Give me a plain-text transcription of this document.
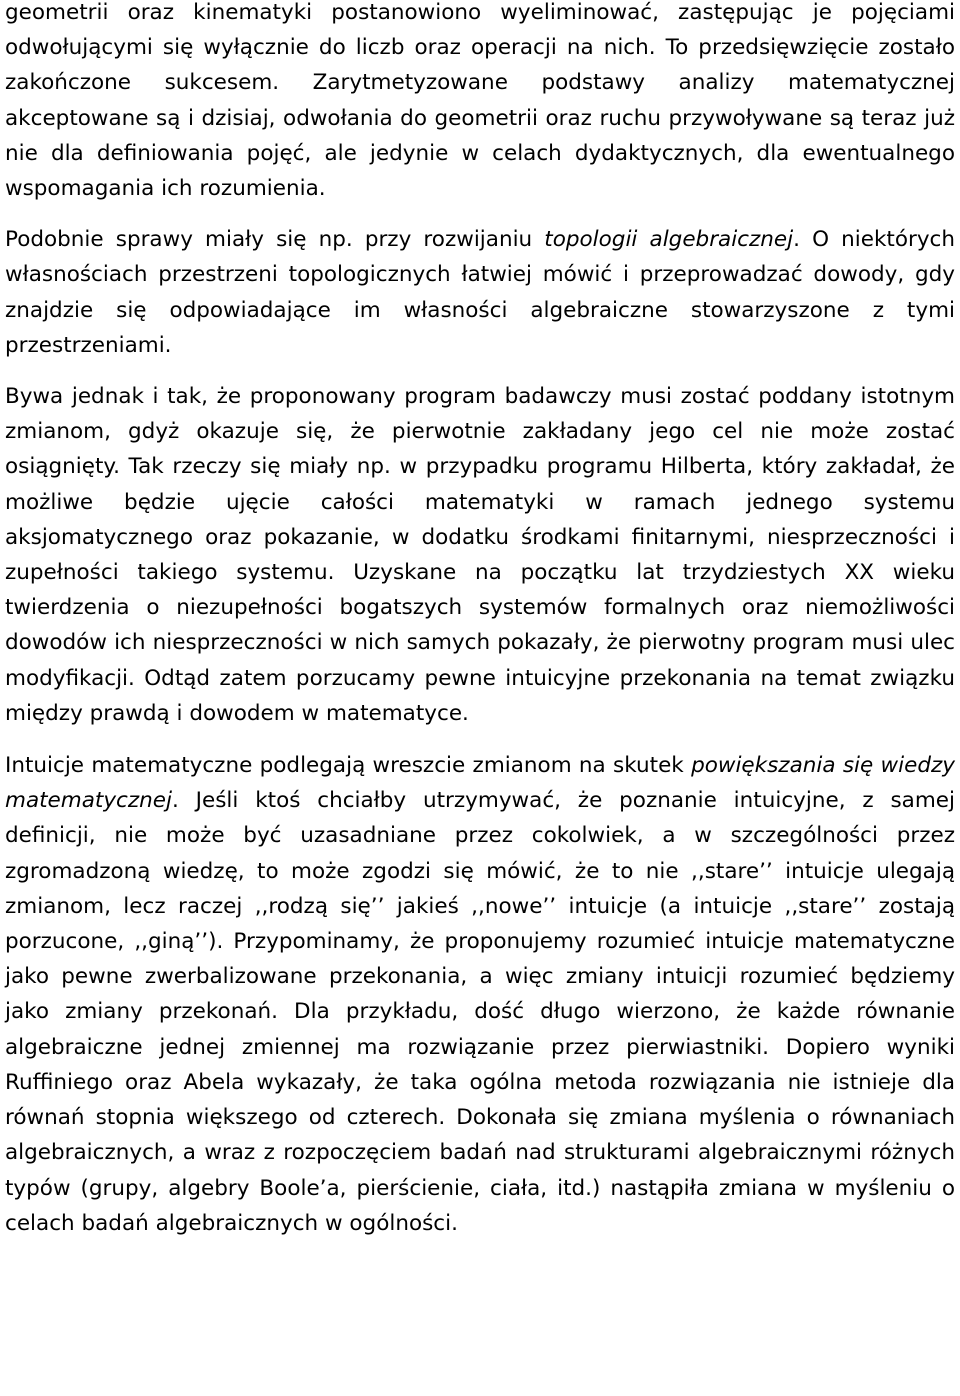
geometrii oraz kinematyki postanowiono wyeliminować, zastępując je pojęciami odwołującymi się wyłącznie do liczb oraz operacji na nich. To przedsięwzięcie zostało zakończone sukcesem. Zarytmetyzowane podstawy analizy matematycznej akceptowane są i dzisiaj, odwołania do geometrii oraz ruchu przywoływane są teraz już nie dla definiowania pojęć, ale jedynie w celach dydaktycznych, dla ewentualnego wspomagania ich rozumienia.

Podobnie sprawy miały się np. przy rozwijaniu topologii algebraicznej. O niektórych własnościach przestrzeni topologicznych łatwiej mówić i przeprowadzać dowody, gdy znajdzie się odpowiadające im własności algebraiczne stowarzyszone z tymi przestrzeniami.

Bywa jednak i tak, że proponowany program badawczy musi zostać poddany istotnym zmianom, gdyż okazuje się, że pierwotnie zakładany jego cel nie może zostać osiągnięty. Tak rzeczy się miały np. w przypadku programu Hilberta, który zakładał, że możliwe będzie ujęcie całości matematyki w ramach jednego systemu aksjomatycznego oraz pokazanie, w dodatku środkami finitarnymi, niesprzeczności i zupełności takiego systemu. Uzyskane na początku lat trzydziestych XX wieku twierdzenia o niezupełności bogatszych systemów formalnych oraz niemożliwości dowodów ich niesprzeczności w nich samych pokazały, że pierwotny program musi ulec modyfikacji. Odtąd zatem porzucamy pewne intuicyjne przekonania na temat związku między prawdą i dowodem w matematyce.

Intuicje matematyczne podlegają wreszcie zmianom na skutek powiększania się wiedzy matematycznej. Jeśli ktoś chciałby utrzymywać, że poznanie intuicyjne, z samej definicji, nie może być uzasadniane przez cokolwiek, a w szczególności przez zgromadzoną wiedzę, to może zgodzi się mówić, że to nie ,,stare’’ intuicje ulegają zmianom, lecz raczej ,,rodzą się’’ jakieś ,,nowe’’ intuicje (a intuicje ,,stare’’ zostają porzucone, ,,giną’’). Przypominamy, że proponujemy rozumieć intuicje matematyczne jako pewne zwerbalizowane przekonania, a więc zmiany intuicji rozumieć będziemy jako zmiany przekonań. Dla przykładu, dość długo wierzono, że każde równanie algebraiczne jednej zmiennej ma rozwiązanie przez pierwiastniki. Dopiero wyniki Ruffiniego oraz Abela wykazały, że taka ogólna metoda rozwiązania nie istnieje dla równań stopnia większego od czterech. Dokonała się zmiana myślenia o równaniach algebraicznych, a wraz z rozpoczęciem badań nad strukturami algebraicznymi różnych typów (grupy, algebry Boole’a, pierścienie, ciała, itd.) nastąpiła zmiana w myśleniu o celach badań algebraicznych w ogólności.
